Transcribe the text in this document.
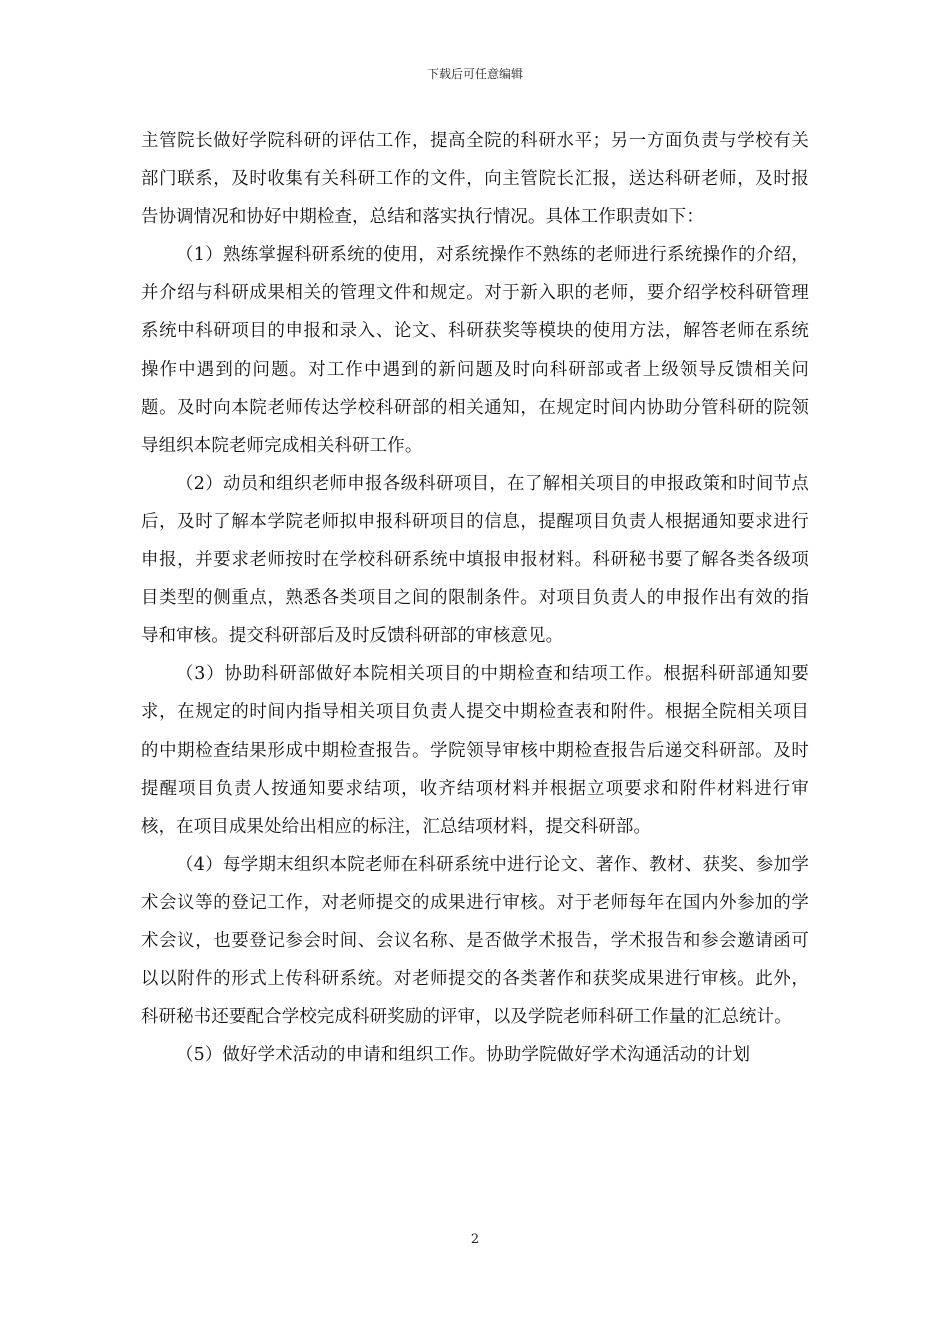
下载后可任意编辑

主管院长做好学院科研的评估工作，提高全院的科研水平；另一方面负责与学校有关部门联系，及时收集有关科研工作的文件，向主管院长汇报，送达科研老师，及时报告协调情况和协好中期检查，总结和落实执行情况。具体工作职责如下：

（1）熟练掌握科研系统的使用，对系统操作不熟练的老师进行系统操作的介绍，并介绍与科研成果相关的管理文件和规定。对于新入职的老师，要介绍学校科研管理系统中科研项目的申报和录入、论文、科研获奖等模块的使用方法，解答老师在系统操作中遇到的问题。对工作中遇到的新问题及时向科研部或者上级领导反馈相关问题。及时向本院老师传达学校科研部的相关通知，在规定时间内协助分管科研的院领导组织本院老师完成相关科研工作。

（2）动员和组织老师申报各级科研项目，在了解相关项目的申报政策和时间节点后，及时了解本学院老师拟申报科研项目的信息，提醒项目负责人根据通知要求进行申报，并要求老师按时在学校科研系统中填报申报材料。科研秘书要了解各类各级项目类型的侧重点，熟悉各类项目之间的限制条件。对项目负责人的申报作出有效的指导和审核。提交科研部后及时反馈科研部的审核意见。

（3）协助科研部做好本院相关项目的中期检查和结项工作。根据科研部通知要求，在规定的时间内指导相关项目负责人提交中期检查表和附件。根据全院相关项目的中期检查结果形成中期检查报告。学院领导审核中期检查报告后递交科研部。及时提醒项目负责人按通知要求结项，收齐结项材料并根据立项要求和附件材料进行审核，在项目成果处给出相应的标注，汇总结项材料，提交科研部。

（4）每学期末组织本院老师在科研系统中进行论文、著作、教材、获奖、参加学术会议等的登记工作，对老师提交的成果进行审核。对于老师每年在国内外参加的学术会议，也要登记参会时间、会议名称、是否做学术报告，学术报告和参会邀请函可以以附件的形式上传科研系统。对老师提交的各类著作和获奖成果进行审核。此外，科研秘书还要配合学校完成科研奖励的评审，以及学院老师科研工作量的汇总统计。

（5）做好学术活动的申请和组织工作。协助学院做好学术沟通活动的计划

2
